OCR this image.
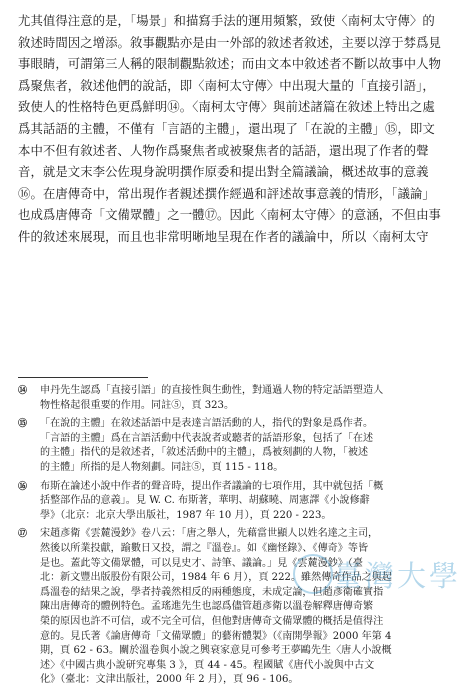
尤其值得注意的是，「場景」和描寫手法的運用頻繁，致使〈南柯太守傳〉的
敘述時間因之增添。敘事觀點亦是由一外部的敘述者敘述，主要以淳于棼爲見
事眼睛，可謂第三人稱的限制觀點敘述；而由文本中敘述者不斷以故事中人物
爲聚焦者，敘述他們的說話，即〈南柯太守傳〉中出現大量的「直接引語」，
致使人的性格特色更爲鮮明⑭。〈南柯太守傳〉與前述諸篇在敘述上特出之處
爲其話語的主體，不僅有「言語的主體」，還出現了「在說的主體」⑮，即文
本中不但有敘述者、人物作爲聚焦者或被聚焦者的話語，還出現了作者的聲
音，就是文末李公佐現身說明撰作原委和提出對全篇議論，概述故事的意義
⑯。在唐傳奇中，常出現作者親述撰作經過和評述故事意義的情形，「議論」
也成爲唐傳奇「文備眾體」之一體⑰。因此〈南柯太守傳〉的意涵，不但由事
件的敘述來展現，而且也非常明晰地呈現在作者的議論中，所以〈南柯太守
⑭	申丹先生認爲「直接引語」的直接性與生動性，對通過人物的特定話語塑造人
物性格起很重要的作用。同註⑤，頁 323。
⑮	「在說的主體」在敘述話語中是表達言語活動的人，指代的對象是爲作者。
「言語的主體」爲在言語活動中代表說者或聽者的話語形象，包括了「在述
的主體」指代的是敘述者，「敘述活動中的主體」，爲被刻劃的人物，「被述
的主體」所指的是人物刻劃。同註⑤，頁 115 - 118。
⑯	布斯在論述小說中作者的聲音時，提出作者議論的七項作用，其中就包括「概
括整部作品的意義」。見 W. C. 布斯著，華明、胡蘇曉、周憲譯《小說修辭
學》（北京：北京大學出版社，1987 年 10 月），頁 220 - 223。
⑰	宋趙彥衛《雲麓漫鈔》卷八云：「唐之舉人，先藉當世顯人以姓名達之主司，
然後以所業投獻，踰數日又投，謂之『溫卷』。如《幽怪錄》、《傳奇》等皆
是也。蓋此等文備眾體，可以見史才、詩筆、議論。」見《雲麓漫鈔》（臺
北：新文豐出版股份有限公司，1984 年 6 月），頁 222。雖然傳奇作品之與起
爲溫卷的結果之說，學者持義然相反的兩種態度，未成定論，但趙彥衛確實指
陳出唐傳奇的體例特色。孟瑤進先生也認爲儘管趙彥衛以溫卷解釋唐傳奇繁
榮的原因也許不可信，或不完全可信，但他對唐傳奇文備眾體的概括是值得注
意的。見氏著《論唐傳奇「文備眾體」的藝術體製》（《南開學報》2000 年第 4
期，頁 62 - 63。關於溫卷與小說之興衰家意見可參考王夢鷗先生〈唐人小說概
述〉《中國古典小說研究專集 3 》，頁 44 - 45。程國賦《唐代小說與中古文
化》（臺北：文津出版社，2000 年 2 月），頁 96 - 106。
臺灣大學
